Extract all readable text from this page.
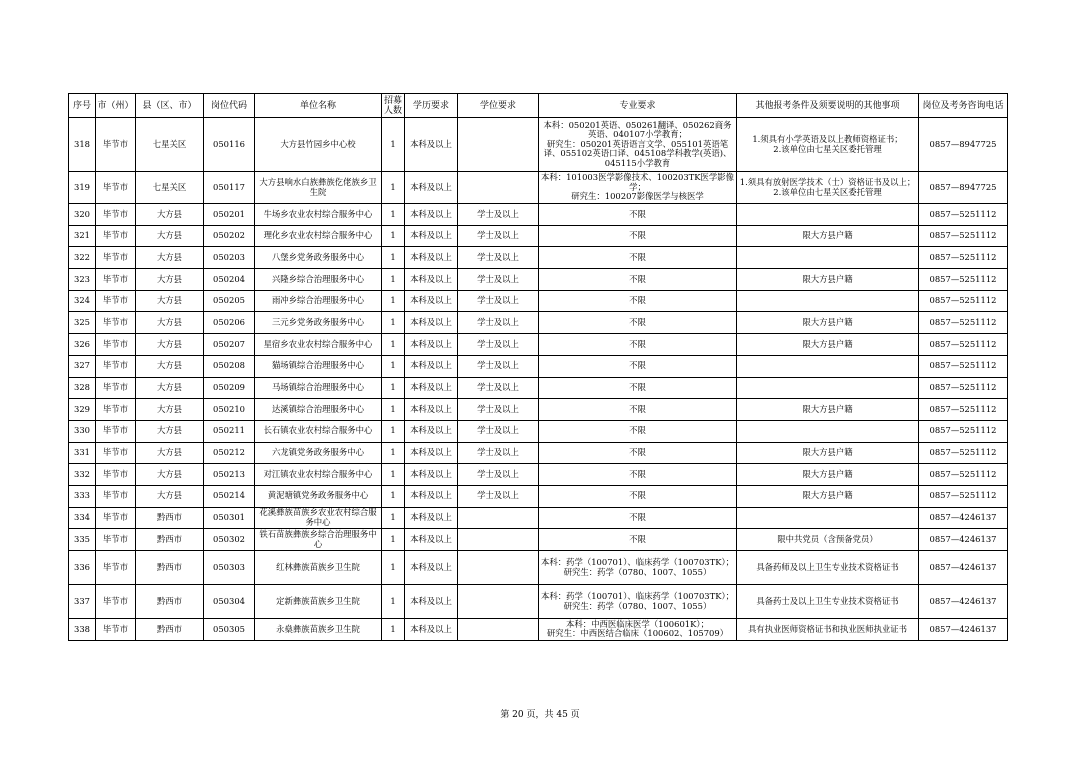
序号	市（州）	县（区、市）	岗位代码	单位名称	招募人数	学历要求	学位要求	专业要求	其他报考条件及须要说明的其他事项	岗位及考务咨询电话
318	毕节市	七星关区	050116	大方县竹园乡中心校	1	本科及以上		本科：050201英语、050261翻译、050262商务英语、040107小学教育；
研究生：050201英语语言文学、055101英语笔译、055102英语口译、045108学科教学(英语)、045115小学教育	1.须具有小学英语及以上教师资格证书；
2.该单位由七星关区委托管理	0857—8947725
319	毕节市	七星关区	050117	大方县响水白族彝族仡佬族乡卫生院	1	本科及以上		本科：101003医学影像技术、100203TK医学影像学；
研究生：100207影像医学与核医学	1.须具有放射医学技术（士）资格证书及以上；
2.该单位由七星关区委托管理	0857—8947725
320	毕节市	大方县	050201	牛场乡农业农村综合服务中心	1	本科及以上	学士及以上	不限		0857—5251112
321	毕节市	大方县	050202	理化乡农业农村综合服务中心	1	本科及以上	学士及以上	不限	限大方县户籍	0857—5251112
322	毕节市	大方县	050203	八堡乡党务政务服务中心	1	本科及以上	学士及以上	不限		0857—5251112
323	毕节市	大方县	050204	兴隆乡综合治理服务中心	1	本科及以上	学士及以上	不限	限大方县户籍	0857—5251112
324	毕节市	大方县	050205	雨冲乡综合治理服务中心	1	本科及以上	学士及以上	不限		0857—5251112
325	毕节市	大方县	050206	三元乡党务政务服务中心	1	本科及以上	学士及以上	不限	限大方县户籍	0857—5251112
326	毕节市	大方县	050207	星宿乡农业农村综合服务中心	1	本科及以上	学士及以上	不限	限大方县户籍	0857—5251112
327	毕节市	大方县	050208	猫场镇综合治理服务中心	1	本科及以上	学士及以上	不限		0857—5251112
328	毕节市	大方县	050209	马场镇综合治理服务中心	1	本科及以上	学士及以上	不限		0857—5251112
329	毕节市	大方县	050210	达溪镇综合治理服务中心	1	本科及以上	学士及以上	不限	限大方县户籍	0857—5251112
330	毕节市	大方县	050211	长石镇农业农村综合服务中心	1	本科及以上	学士及以上	不限		0857—5251112
331	毕节市	大方县	050212	六龙镇党务政务服务中心	1	本科及以上	学士及以上	不限	限大方县户籍	0857—5251112
332	毕节市	大方县	050213	对江镇农业农村综合服务中心	1	本科及以上	学士及以上	不限	限大方县户籍	0857—5251112
333	毕节市	大方县	050214	黄泥塘镇党务政务服务中心	1	本科及以上	学士及以上	不限	限大方县户籍	0857—5251112
334	毕节市	黔西市	050301	花溪彝族苗族乡农业农村综合服务中心	1	本科及以上		不限		0857—4246137
335	毕节市	黔西市	050302	铁石苗族彝族乡综合治理服务中心	1	本科及以上		不限	限中共党员（含预备党员）	0857—4246137
336	毕节市	黔西市	050303	红林彝族苗族乡卫生院	1	本科及以上		本科：药学（100701）、临床药学（100703TK）；
研究生：药学（0780、1007、1055）	具备药师及以上卫生专业技术资格证书	0857—4246137
337	毕节市	黔西市	050304	定新彝族苗族乡卫生院	1	本科及以上		本科：药学（100701）、临床药学（100703TK）；
研究生：药学（0780、1007、1055）	具备药士及以上卫生专业技术资格证书	0857—4246137
338	毕节市	黔西市	050305	永燊彝族苗族乡卫生院	1	本科及以上		本科：中西医临床医学（100601K）；
研究生：中西医结合临床（100602、105709）	具有执业医师资格证书和执业医师执业证书	0857—4246137
第 20 页，共 45 页
